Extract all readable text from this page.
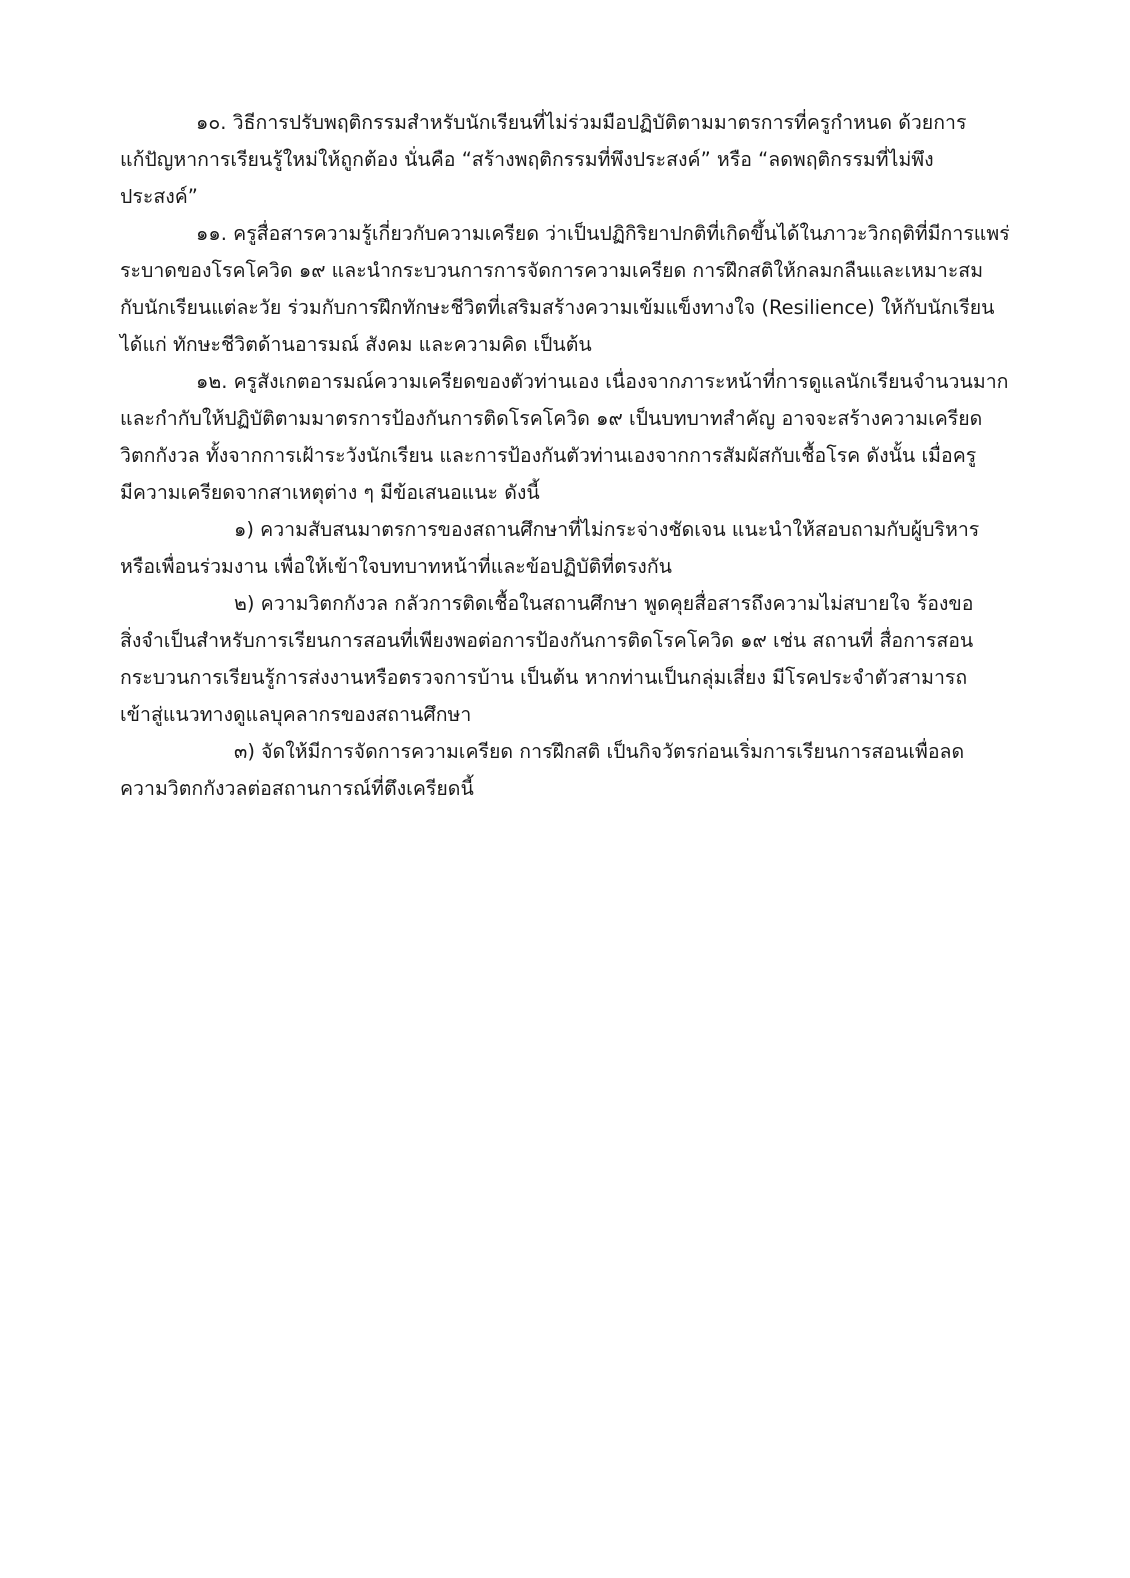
๑๐. วิธีการปรับพฤติกรรมสำหรับนักเรียนที่ไม่ร่วมมือปฏิบัติตามมาตรการที่ครูกำหนด ด้วยการ
แก้ปัญหาการเรียนรู้ใหม่ให้ถูกต้อง นั่นคือ “สร้างพฤติกรรมที่พึงประสงค์” หรือ “ลดพฤติกรรมที่ไม่พึง
ประสงค์”

๑๑. ครูสื่อสารความรู้เกี่ยวกับความเครียด ว่าเป็นปฏิกิริยาปกติที่เกิดขึ้นได้ในภาวะวิกฤติที่มีการแพร่
ระบาดของโรคโควิด ๑๙ และนำกระบวนการการจัดการความเครียด การฝึกสติให้กลมกลืนและเหมาะสม
กับนักเรียนแต่ละวัย ร่วมกับการฝึกทักษะชีวิตที่เสริมสร้างความเข้มแข็งทางใจ (Resilience) ให้กับนักเรียน
ได้แก่ ทักษะชีวิตด้านอารมณ์ สังคม และความคิด เป็นต้น

๑๒. ครูสังเกตอารมณ์ความเครียดของตัวท่านเอง เนื่องจากภาระหน้าที่การดูแลนักเรียนจำนวนมาก
และกำกับให้ปฏิบัติตามมาตรการป้องกันการติดโรคโควิด ๑๙ เป็นบทบาทสำคัญ อาจจะสร้างความเครียด
วิตกกังวล ทั้งจากการเฝ้าระวังนักเรียน และการป้องกันตัวท่านเองจากการสัมผัสกับเชื้อโรค ดังนั้น เมื่อครู
มีความเครียดจากสาเหตุต่าง ๆ มีข้อเสนอแนะ ดังนี้

๑) ความสับสนมาตรการของสถานศึกษาที่ไม่กระจ่างชัดเจน แนะนำให้สอบถามกับผู้บริหาร
หรือเพื่อนร่วมงาน เพื่อให้เข้าใจบทบาทหน้าที่และข้อปฏิบัติที่ตรงกัน

๒) ความวิตกกังวล กลัวการติดเชื้อในสถานศึกษา พูดคุยสื่อสารถึงความไม่สบายใจ ร้องขอ
สิ่งจำเป็นสำหรับการเรียนการสอนที่เพียงพอต่อการป้องกันการติดโรคโควิด ๑๙ เช่น สถานที่ สื่อการสอน
กระบวนการเรียนรู้การส่งงานหรือตรวจการบ้าน เป็นต้น หากท่านเป็นกลุ่มเสี่ยง มีโรคประจำตัวสามารถ
เข้าสู่แนวทางดูแลบุคลากรของสถานศึกษา

๓) จัดให้มีการจัดการความเครียด การฝึกสติ เป็นกิจวัตรก่อนเริ่มการเรียนการสอนเพื่อลด
ความวิตกกังวลต่อสถานการณ์ที่ตึงเครียดนี้
